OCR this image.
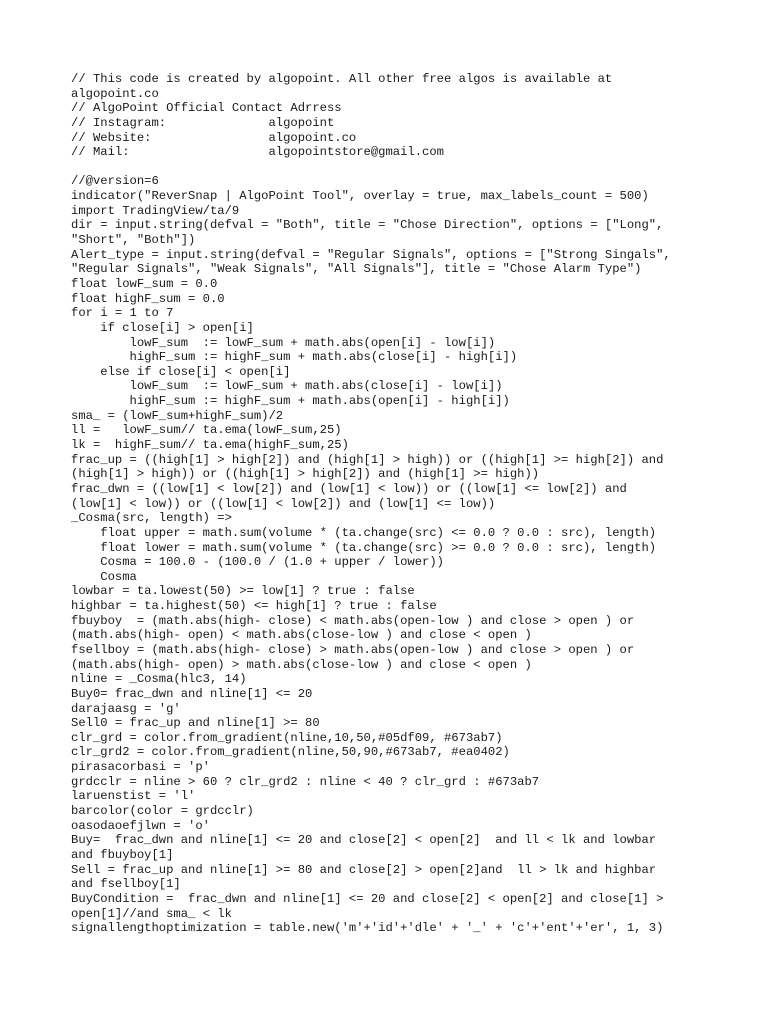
// This code is created by algopoint. All other free algos is available at
algopoint.co
// AlgoPoint Official Contact Adrress
// Instagram:              algopoint
// Website:                algopoint.co
// Mail:                   algopointstore@gmail.com
//@version=6
indicator("ReverSnap | AlgoPoint Tool", overlay = true, max_labels_count = 500)
import TradingView/ta/9
dir = input.string(defval = "Both", title = "Chose Direction", options = ["Long",
"Short", "Both"])
Alert_type = input.string(defval = "Regular Signals", options = ["Strong Singals",
"Regular Signals", "Weak Signals", "All Signals"], title = "Chose Alarm Type")
float lowF_sum = 0.0
float highF_sum = 0.0
for i = 1 to 7
if close[i] > open[i]
lowF_sum  := lowF_sum + math.abs(open[i] - low[i])
highF_sum := highF_sum + math.abs(close[i] - high[i])
else if close[i] < open[i]
lowF_sum  := lowF_sum + math.abs(close[i] - low[i])
highF_sum := highF_sum + math.abs(open[i] - high[i])
sma_ = (lowF_sum+highF_sum)/2
ll =   lowF_sum// ta.ema(lowF_sum,25)
lk =  highF_sum// ta.ema(highF_sum,25)
frac_up = ((high[1] > high[2]) and (high[1] > high)) or ((high[1] >= high[2]) and
(high[1] > high)) or ((high[1] > high[2]) and (high[1] >= high))
frac_dwn = ((low[1] < low[2]) and (low[1] < low)) or ((low[1] <= low[2]) and
(low[1] < low)) or ((low[1] < low[2]) and (low[1] <= low))
_Cosma(src, length) =>
float upper = math.sum(volume * (ta.change(src) <= 0.0 ? 0.0 : src), length)
float lower = math.sum(volume * (ta.change(src) >= 0.0 ? 0.0 : src), length)
Cosma = 100.0 - (100.0 / (1.0 + upper / lower))
Cosma
lowbar = ta.lowest(50) >= low[1] ? true : false
highbar = ta.highest(50) <= high[1] ? true : false
fbuyboy  = (math.abs(high- close) < math.abs(open-low ) and close > open ) or
(math.abs(high- open) < math.abs(close-low ) and close < open )
fsellboy = (math.abs(high- close) > math.abs(open-low ) and close > open ) or
(math.abs(high- open) > math.abs(close-low ) and close < open )
nline = _Cosma(hlc3, 14)
Buy0= frac_dwn and nline[1] <= 20
darajaasg = 'g'
Sell0 = frac_up and nline[1] >= 80
clr_grd = color.from_gradient(nline,10,50,#05df09, #673ab7)
clr_grd2 = color.from_gradient(nline,50,90,#673ab7, #ea0402)
pirasacorbasi = 'p'
grdcclr = nline > 60 ? clr_grd2 : nline < 40 ? clr_grd : #673ab7
laruenstist = 'l'
barcolor(color = grdcclr)
oasodaoefjlwn = 'o'
Buy=  frac_dwn and nline[1] <= 20 and close[2] < open[2]  and ll < lk and lowbar
and fbuyboy[1]
Sell = frac_up and nline[1] >= 80 and close[2] > open[2]and  ll > lk and highbar
and fsellboy[1]
BuyCondition =  frac_dwn and nline[1] <= 20 and close[2] < open[2] and close[1] >
open[1]//and sma_ < lk
signallengthoptimization = table.new('m'+'id'+'dle' + '_' + 'c'+'ent'+'er', 1, 3)
